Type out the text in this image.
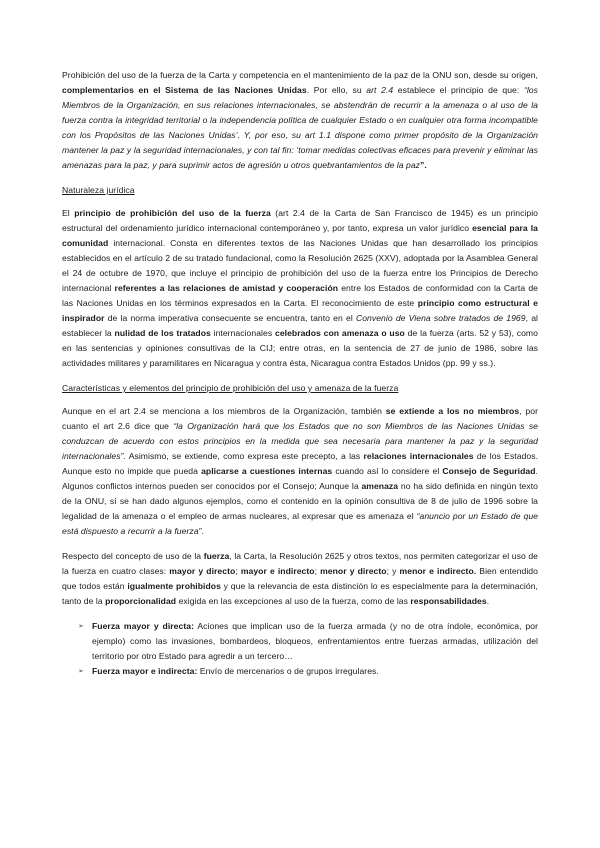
Prohibición del uso de la fuerza de la Carta y competencia en el mantenimiento de la paz de la ONU son, desde su origen, complementarios en el Sistema de las Naciones Unidas. Por ello, su art 2.4 establece el principio de que: “los Miembros de la Organización, en sus relaciones internacionales, se abstendrán de recurrir a la amenaza o al uso de la fuerza contra la integridad territorial o la independencia política de cualquier Estado o en cualquier otra forma incompatible con los Propósitos de las Naciones Unidas’. Y, por eso, su art 1.1 dispone como primer propósito de la Organización mantener la paz y la seguridad internacionales, y con tal fin: ‘tomar medidas colectivas eficaces para prevenir y eliminar las amenazas para la paz, y para suprimir actos de agresión u otros quebrantamientos de la paz”.

Naturaleza jurídica

El principio de prohibición del uso de la fuerza (art 2.4 de la Carta de San Francisco de 1945) es un principio estructural del ordenamiento jurídico internacional contemporáneo y, por tanto, expresa un valor jurídico esencial para la comunidad internacional. Consta en diferentes textos de las Naciones Unidas que han desarrollado los principios establecidos en el artículo 2 de su tratado fundacional, como la Resolución 2625 (XXV), adoptada por la Asamblea General el 24 de octubre de 1970, que incluye el principio de prohibición del uso de la fuerza entre los Principios de Derecho internacional referentes a las relaciones de amistad y cooperación entre los Estados de conformidad con la Carta de las Naciones Unidas en los términos expresados en la Carta. El reconocimiento de este principio como estructural e inspirador de la norma imperativa consecuente se encuentra, tanto en el Convenio de Viena sobre tratados de 1969, al establecer la nulidad de los tratados internacionales celebrados con amenaza o uso de la fuerza (arts. 52 y 53), como en las sentencias y opiniones consultivas de la CIJ; entre otras, en la sentencia de 27 de junio de 1986, sobre las actividades militares y paramilitares en Nicaragua y contra ésta, Nicaragua contra Estados Unidos (pp. 99 y ss.).

Características y elementos del principio de prohibición del uso y amenaza de la fuerza

Aunque en el art 2.4 se menciona a los miembros de la Organización, también se extiende a los no miembros, por cuanto el art 2.6 dice que “la Organización hará que los Estados que no son Miembros de las Naciones Unidas se conduzcan de acuerdo con estos principios en la medida que sea necesaria para mantener la paz y la seguridad internacionales”. Asimismo, se extiende, como expresa este precepto, a las relaciones internacionales de los Estados. Aunque esto no impide que pueda aplicarse a cuestiones internas cuando así lo considere el Consejo de Seguridad. Algunos conflictos internos pueden ser conocidos por el Consejo; Aunque la amenaza no ha sido definida en ningún texto de la ONU, sí se han dado algunos ejemplos, como el contenido en la opinión consultiva de 8 de julio de 1996 sobre la legalidad de la amenaza o el empleo de armas nucleares, al expresar que es amenaza el “anuncio por un Estado de que está dispuesto a recurrir a la fuerza”.

Respecto del concepto de uso de la fuerza, la Carta, la Resolución 2625 y otros textos, nos permiten categorizar el uso de la fuerza en cuatro clases: mayor y directo; mayor e indirecto; menor y directo; y menor e indirecto. Bien entendido que todos están igualmente prohibidos y que la relevancia de esta distinción lo es especialmente para la determinación, tanto de la proporcionalidad exigida en las excepciones al uso de la fuerza, como de las responsabilidades.

➢ Fuerza mayor y directa: Aciones que implican uso de la fuerza armada (y no de otra índole, económica, por ejemplo) como las invasiones, bombardeos, bloqueos, enfrentamientos entre fuerzas armadas, utilización del territorio por otro Estado para agredir a un tercero…
➢ Fuerza mayor e indirecta: Envío de mercenarios o de grupos irregulares.
